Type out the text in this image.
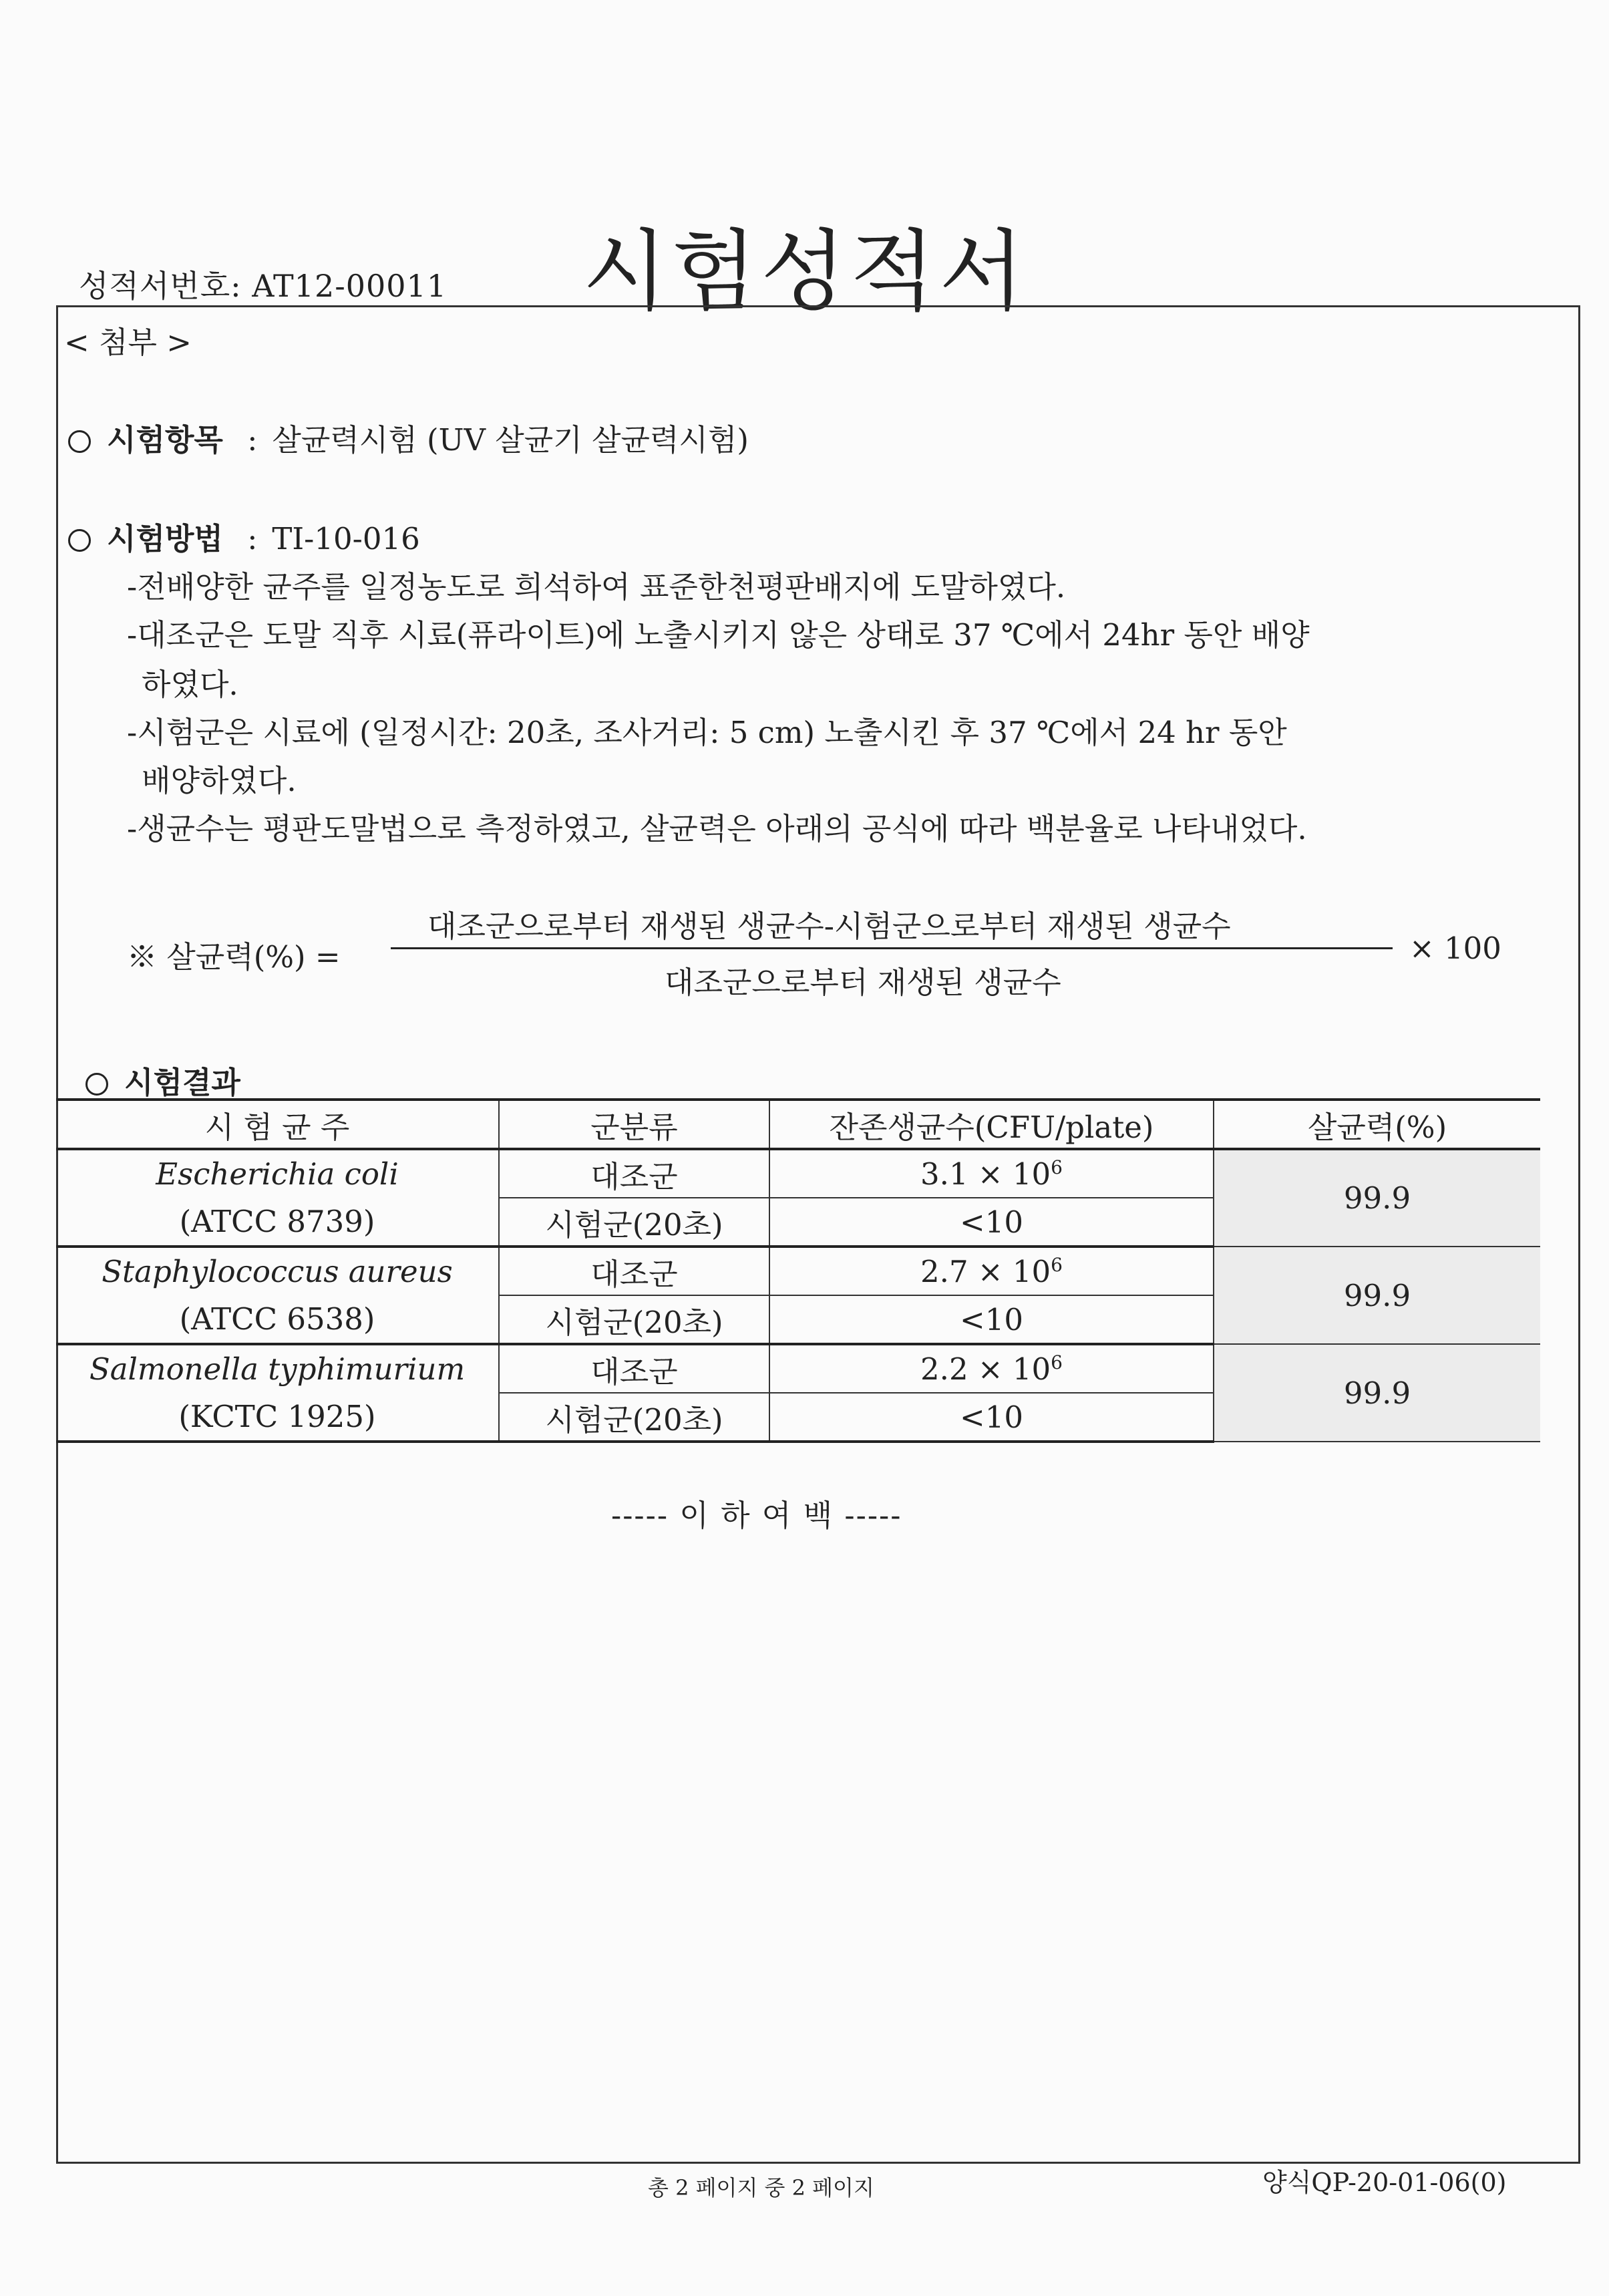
성적서번호: AT12-00011 시험성적서
< 첨부 >
시험항목 : 살균력시험 (UV 살균기 살균력시험)
시험방법 : TI-10-016
-전배양한 균주를 일정농도로 희석하여 표준한천평판배지에 도말하였다.
-대조군은 도말 직후 시료(퓨라이트)에 노출시키지 않은 상태로 37 ℃에서 24hr 동안 배양
하였다.
-시험군은 시료에 (일정시간: 20초, 조사거리: 5 cm) 노출시킨 후 37 ℃에서 24 hr 동안
배양하였다.
-생균수는 평판도말법으로 측정하였고, 살균력은 아래의 공식에 따라 백분율로 나타내었다.
※ 살균력(%) =
대조군으로부터 재생된 생균수-시험군으로부터 재생된 생균수
대조군으로부터 재생된 생균수
× 100
시험결과
시 험 균 주	군분류	잔존생균수(CFU/plate)	살균력(%)
Escherichia coli	대조군	$3.1 \times 10^6$	99.9
(ATCC 8739)	시험군(20초)	<10	
Staphylococcus aureus	대조군	$2.7 \times 10^6$	99.9
(ATCC 6538)	시험군(20초)	<10	
Salmonella typhimurium	대조군	$2.2 \times 10^6$	99.9
(KCTC 1925)	시험군(20초)	<10	
----- 이 하 여 백 -----
총 2 페이지 중 2 페이지	양식QP-20-01-06(0)
